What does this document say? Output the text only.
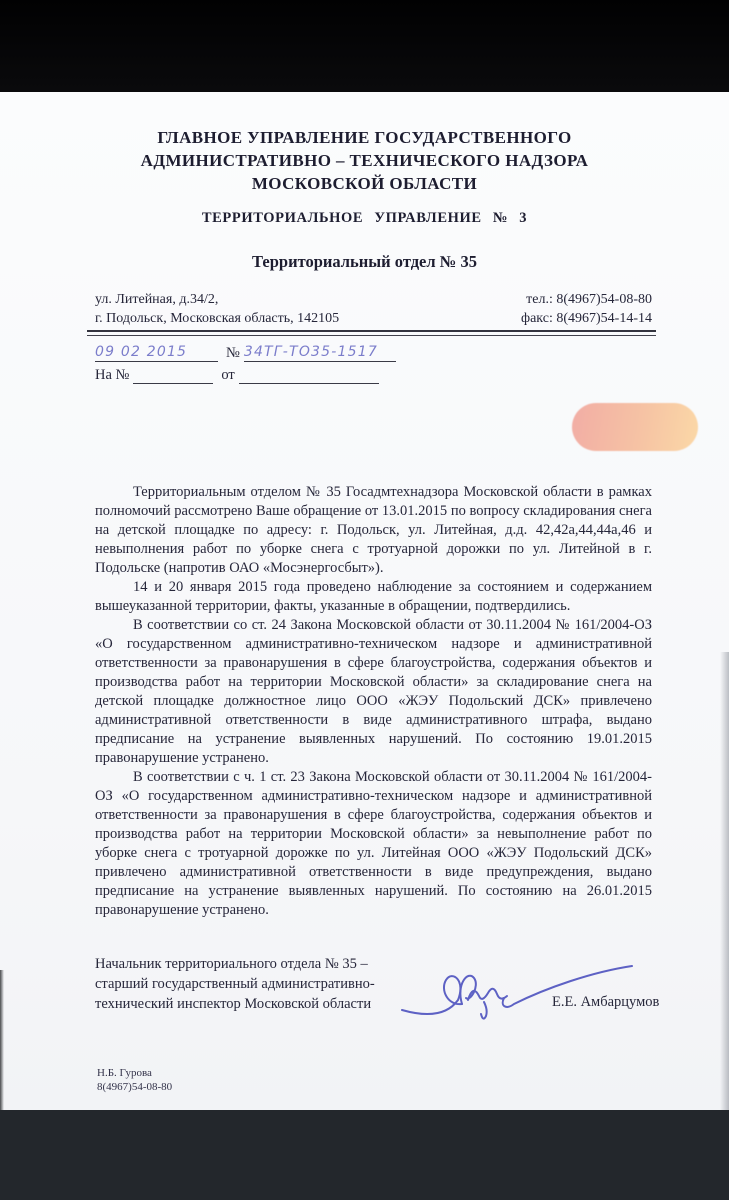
ГЛАВНОЕ УПРАВЛЕНИЕ ГОСУДАРСТВЕННОГО
АДМИНИСТРАТИВНО – ТЕХНИЧЕСКОГО НАДЗОРА
МОСКОВСКОЙ ОБЛАСТИ
ТЕРРИТОРИАЛЬНОЕ УПРАВЛЕНИЕ № 3
Территориальный отдел № 35
ул. Литейная, д.34/2,
г. Подольск, Московская область, 142105
тел.: 8(4967)54-08-80
факс: 8(4967)54-14-14
09 02 2015	№ 34ТГ-ТО35-1517
На №
	от

Территориальным отделом № 35 Госадмтехнадзора Московской области в рамках полномочий рассмотрено Ваше обращение от 13.01.2015 по вопросу складирования снега на детской площадке по адресу: г. Подольск, ул. Литейная, д.д. 42,42а,44,44а,46 и невыполнения работ по уборке снега с тротуарной дорожки по ул. Литейной в г. Подольске (напротив ОАО «Мосэнергосбыт»).

14 и 20 января 2015 года проведено наблюдение за состоянием и содержанием вышеуказанной территории, факты, указанные в обращении, подтвердились.

В соответствии со ст. 24 Закона Московской области от 30.11.2004 № 161/2004-ОЗ «О государственном административно-техническом надзоре и административной ответственности за правонарушения в сфере благоустройства, содержания объектов и производства работ на территории Московской области» за складирование снега на детской площадке должностное лицо ООО «ЖЭУ Подольский ДСК» привлечено административной ответственности в виде административного штрафа, выдано предписание на устранение выявленных нарушений. По состоянию 19.01.2015 правонарушение устранено.

В соответствии с ч. 1 ст. 23 Закона Московской области от 30.11.2004 № 161/2004-ОЗ «О государственном административно-техническом надзоре и административной ответственности за правонарушения в сфере благоустройства, содержания объектов и производства работ на территории Московской области» за невыполнение работ по уборке снега с тротуарной дорожке по ул. Литейная ООО «ЖЭУ Подольский ДСК» привлечено административной ответственности в виде предупреждения, выдано предписание на устранение выявленных нарушений. По состоянию на 26.01.2015 правонарушение устранено.

Начальник территориального отдела № 35 –
старший государственный административно-
технический инспектор Московской области	Е.Е. Амбарцумов
Н.Б. Гурова
8(4967)54-08-80
